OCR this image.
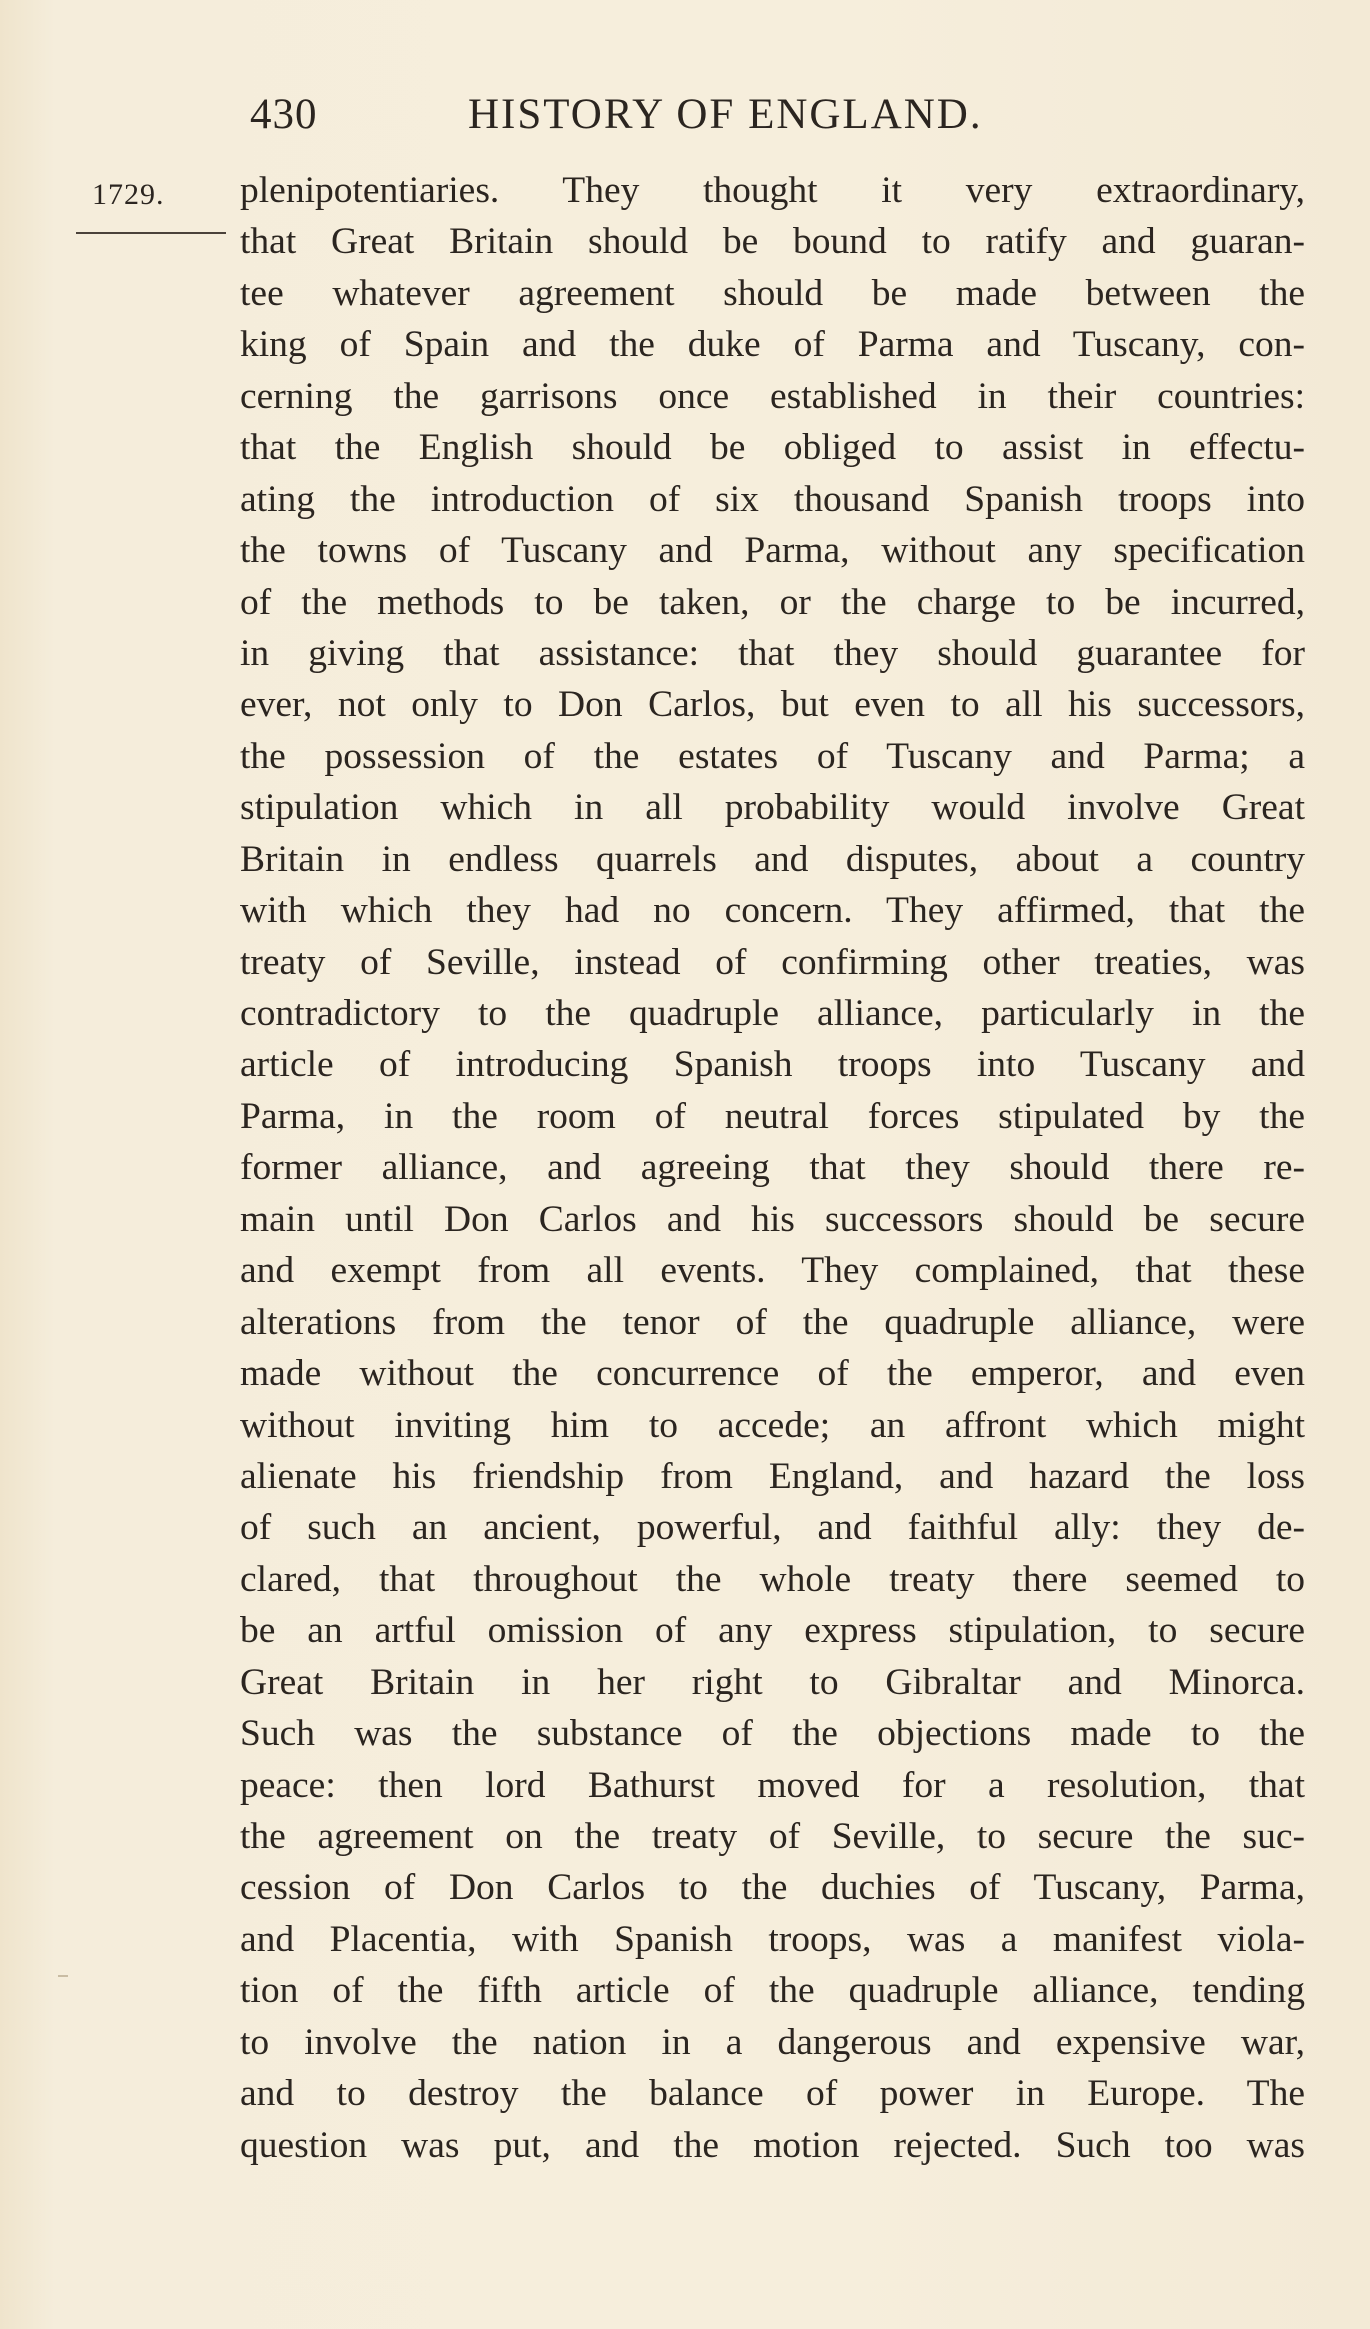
430	HISTORY OF ENGLAND.
1729. plenipotentiaries. They thought it very extraordinary,
that Great Britain should be bound to ratify and guaran-
tee whatever agreement should be made between the
king of Spain and the duke of Parma and Tuscany, con-
cerning the garrisons once established in their countries:
that the English should be obliged to assist in effectu-
ating the introduction of six thousand Spanish troops into
the towns of Tuscany and Parma, without any specification
of the methods to be taken, or the charge to be incurred,
in giving that assistance: that they should guarantee for
ever, not only to Don Carlos, but even to all his successors,
the possession of the estates of Tuscany and Parma; a
stipulation which in all probability would involve Great
Britain in endless quarrels and disputes, about a country
with which they had no concern. They affirmed, that the
treaty of Seville, instead of confirming other treaties, was
contradictory to the quadruple alliance, particularly in the
article of introducing Spanish troops into Tuscany and
Parma, in the room of neutral forces stipulated by the
former alliance, and agreeing that they should there re-
main until Don Carlos and his successors should be secure
and exempt from all events. They complained, that these
alterations from the tenor of the quadruple alliance, were
made without the concurrence of the emperor, and even
without inviting him to accede; an affront which might
alienate his friendship from England, and hazard the loss
of such an ancient, powerful, and faithful ally: they de-
clared, that throughout the whole treaty there seemed to
be an artful omission of any express stipulation, to secure
Great Britain in her right to Gibraltar and Minorca.
Such was the substance of the objections made to the
peace: then lord Bathurst moved for a resolution, that
the agreement on the treaty of Seville, to secure the suc-
cession of Don Carlos to the duchies of Tuscany, Parma,
and Placentia, with Spanish troops, was a manifest viola-
tion of the fifth article of the quadruple alliance, tending
to involve the nation in a dangerous and expensive war,
and to destroy the balance of power in Europe. The
question was put, and the motion rejected. Such too was
